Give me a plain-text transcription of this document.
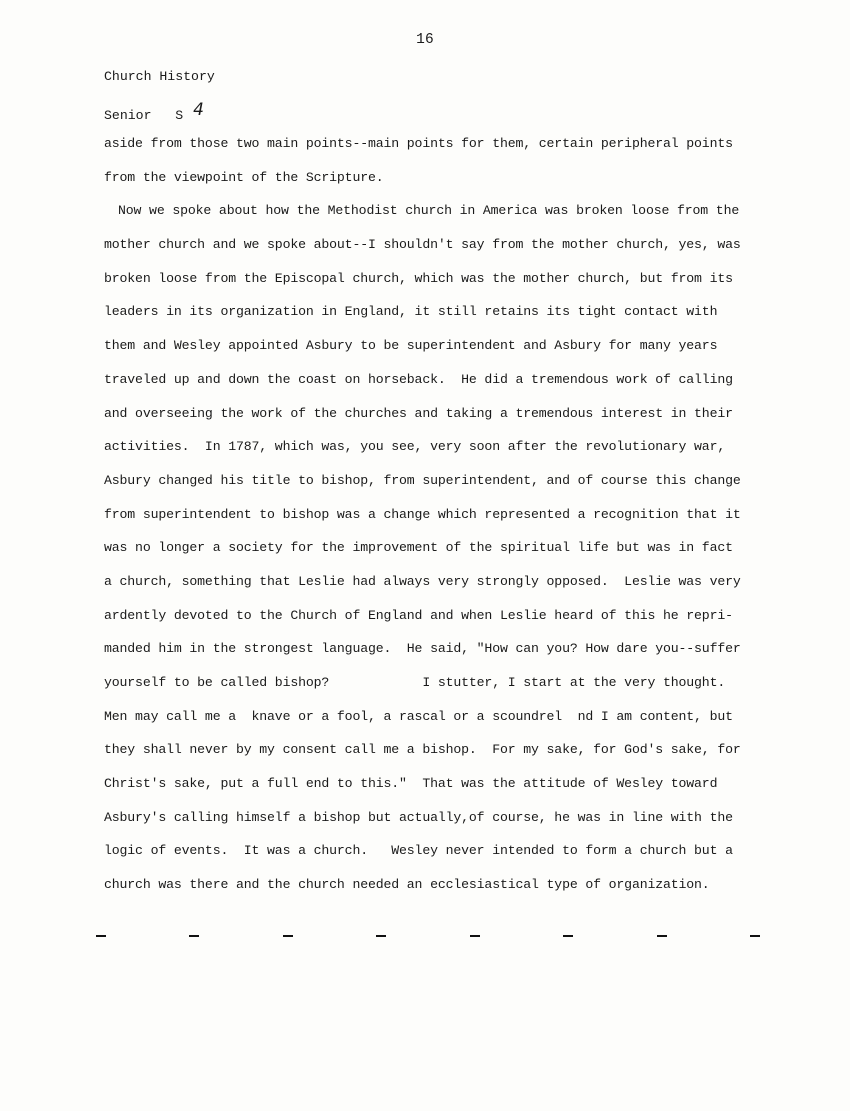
16
Church History
Senior S 4
aside from those two main points--main points for them, certain peripheral points
from the viewpoint of the Scripture.
Now we spoke about how the Methodist church in America was broken loose from the
mother church and we spoke about--I shouldn't say from the mother church, yes, was
broken loose from the Episcopal church, which was the mother church, but from its
leaders in its organization in England, it still retains its tight contact with
them and Wesley appointed Asbury to be superintendent and Asbury for many years
traveled up and down the coast on horseback.  He did a tremendous work of calling
and overseeing the work of the churches and taking a tremendous interest in their
activities.  In 1787, which was, you see, very soon after the revolutionary war,
Asbury changed his title to bishop, from superintendent, and of course this change
from superintendent to bishop was a change which represented a recognition that it
was no longer a society for the improvement of the spiritual life but was in fact
a church, something that Leslie had always very strongly opposed.  Leslie was very
ardently devoted to the Church of England and when Leslie heard of this he repri-
manded him in the strongest language.  He said, "How can you? How dare you--suffer
yourself to be called bishop?            I stutter, I start at the very thought.
Men may call me a  knave or a fool, a rascal or a scoundrel  nd I am content, but
they shall never by my consent call me a bishop.  For my sake, for God's sake, for
Christ's sake, put a full end to this."  That was the attitude of Wesley toward
Asbury's calling himself a bishop but actually,of course, he was in line with the
logic of events.  It was a church.   Wesley never intended to form a church but a
church was there and the church needed an ecclesiastical type of organization.
